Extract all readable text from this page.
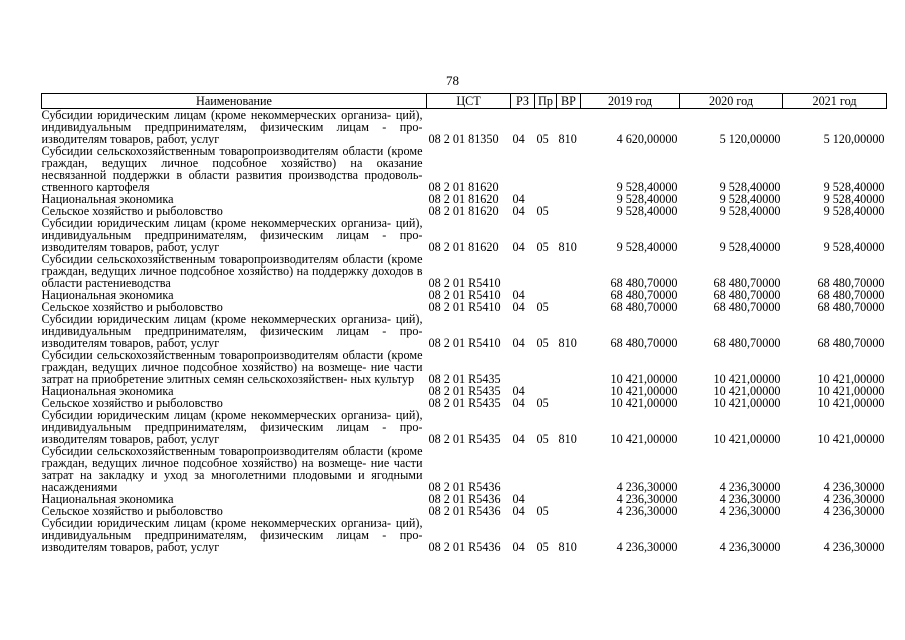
78
Наименование	ЦСТ	РЗ	Пр	ВР	2019 год	2020 год	2021 год
Субсидии юридическим лицам (кроме некоммерческих организа- ций), индивидуальным предпринимателям, физическим лицам - про- изводителям товаров, работ, услуг	08 2 01 81350	04	05	810	4 620,00000	5 120,00000	5 120,00000
Субсидии сельскохозяйственным товаропроизводителям области (кроме граждан, ведущих личное подсобное хозяйство) на оказание несвязанной поддержки в области развития производства продоволь- ственного картофеля	08 2 01 81620				9 528,40000	9 528,40000	9 528,40000
Национальная экономика	08 2 01 81620	04			9 528,40000	9 528,40000	9 528,40000
Сельское хозяйство и рыболовство	08 2 01 81620	04	05		9 528,40000	9 528,40000	9 528,40000
Субсидии юридическим лицам (кроме некоммерческих организа- ций), индивидуальным предпринимателям, физическим лицам - про- изводителям товаров, работ, услуг	08 2 01 81620	04	05	810	9 528,40000	9 528,40000	9 528,40000
Субсидии сельскохозяйственным товаропроизводителям области (кроме граждан, ведущих личное подсобное хозяйство) на поддержку доходов в области растениеводства	08 2 01 R5410				68 480,70000	68 480,70000	68 480,70000
Национальная экономика	08 2 01 R5410	04			68 480,70000	68 480,70000	68 480,70000
Сельское хозяйство и рыболовство	08 2 01 R5410	04	05		68 480,70000	68 480,70000	68 480,70000
Субсидии юридическим лицам (кроме некоммерческих организа- ций), индивидуальным предпринимателям, физическим лицам - про- изводителям товаров, работ, услуг	08 2 01 R5410	04	05	810	68 480,70000	68 480,70000	68 480,70000
Субсидии сельскохозяйственным товаропроизводителям области (кроме граждан, ведущих личное подсобное хозяйство) на возмеще- ние части затрат на приобретение элитных семян сельскохозяйствен- ных культур	08 2 01 R5435				10 421,00000	10 421,00000	10 421,00000
Национальная экономика	08 2 01 R5435	04			10 421,00000	10 421,00000	10 421,00000
Сельское хозяйство и рыболовство	08 2 01 R5435	04	05		10 421,00000	10 421,00000	10 421,00000
Субсидии юридическим лицам (кроме некоммерческих организа- ций), индивидуальным предпринимателям, физическим лицам - про- изводителям товаров, работ, услуг	08 2 01 R5435	04	05	810	10 421,00000	10 421,00000	10 421,00000
Субсидии сельскохозяйственным товаропроизводителям области (кроме граждан, ведущих личное подсобное хозяйство) на возмеще- ние части затрат на закладку и уход за многолетними плодовыми и ягодными насаждениями	08 2 01 R5436				4 236,30000	4 236,30000	4 236,30000
Национальная экономика	08 2 01 R5436	04			4 236,30000	4 236,30000	4 236,30000
Сельское хозяйство и рыболовство	08 2 01 R5436	04	05		4 236,30000	4 236,30000	4 236,30000
Субсидии юридическим лицам (кроме некоммерческих организа- ций), индивидуальным предпринимателям, физическим лицам - про- изводителям товаров, работ, услуг	08 2 01 R5436	04	05	810	4 236,30000	4 236,30000	4 236,30000
